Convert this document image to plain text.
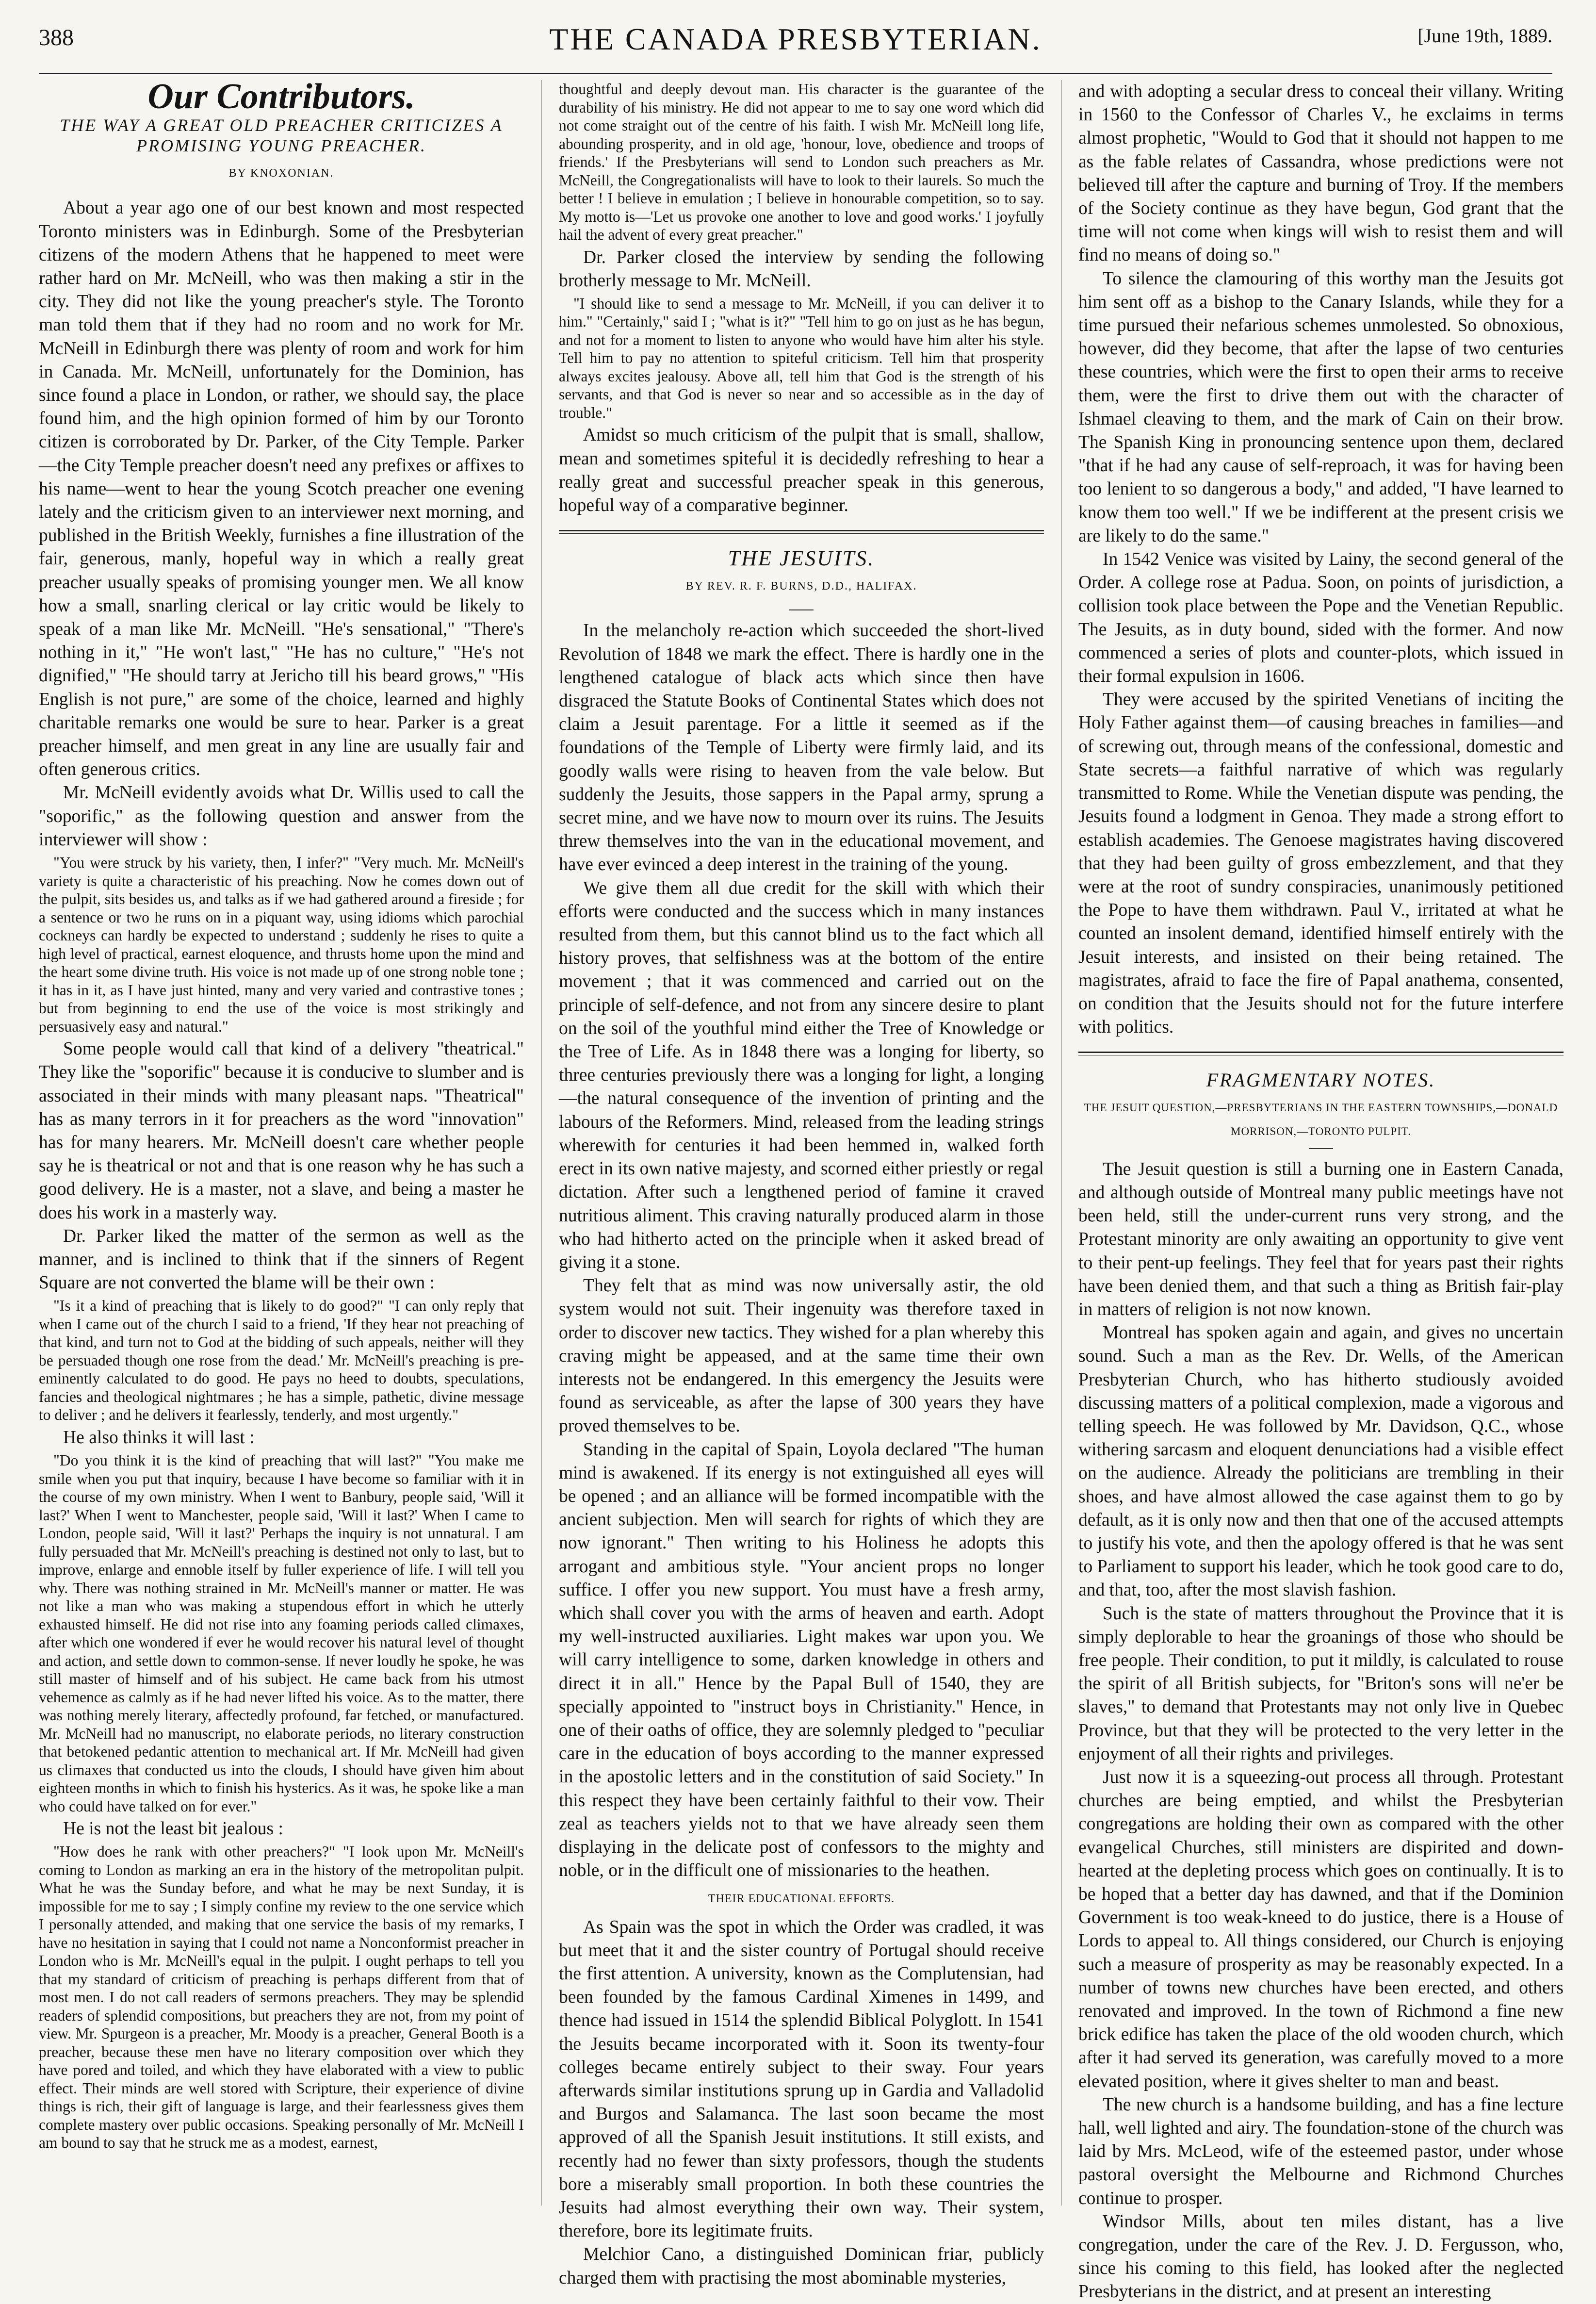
388	THE CANADA PRESBYTERIAN.	[June 19th, 1889.
Our Contributors.
THE WAY A GREAT OLD PREACHER CRITICIZES A PROMISING YOUNG PREACHER.
BY KNOXONIAN.

About a year ago one of our best known and most respected Toronto ministers was in Edinburgh. Some of the Presbyterian citizens of the modern Athens that he happened to meet were rather hard on Mr. McNeill, who was then making a stir in the city. They did not like the young preacher's style. The Toronto man told them that if they had no room and no work for Mr. McNeill in Edinburgh there was plenty of room and work for him in Canada. Mr. McNeill, unfortunately for the Dominion, has since found a place in London, or rather, we should say, the place found him, and the high opinion formed of him by our Toronto citizen is corroborated by Dr. Parker, of the City Temple. Parker—the City Temple preacher doesn't need any prefixes or affixes to his name—went to hear the young Scotch preacher one evening lately and the criticism given to an interviewer next morning, and published in the British Weekly, furnishes a fine illustration of the fair, generous, manly, hopeful way in which a really great preacher usually speaks of promising younger men. We all know how a small, snarling clerical or lay critic would be likely to speak of a man like Mr. McNeill. "He's sensational," "There's nothing in it," "He won't last," "He has no culture," "He's not dignified," "He should tarry at Jericho till his beard grows," "His English is not pure," are some of the choice, learned and highly charitable remarks one would be sure to hear. Parker is a great preacher himself, and men great in any line are usually fair and often generous critics.

Mr. McNeill evidently avoids what Dr. Willis used to call the "soporific," as the following question and answer from the interviewer will show :

"You were struck by his variety, then, I infer?" "Very much. Mr. McNeill's variety is quite a characteristic of his preaching. Now he comes down out of the pulpit, sits besides us, and talks as if we had gathered around a fireside ; for a sentence or two he runs on in a piquant way, using idioms which parochial cockneys can hardly be expected to understand ; suddenly he rises to quite a high level of practical, earnest eloquence, and thrusts home upon the mind and the heart some divine truth. His voice is not made up of one strong noble tone ; it has in it, as I have just hinted, many and very varied and contrastive tones ; but from beginning to end the use of the voice is most strikingly and persuasively easy and natural."

Some people would call that kind of a delivery "theatrical." They like the "soporific" because it is conducive to slumber and is associated in their minds with many pleasant naps. "Theatrical" has as many terrors in it for preachers as the word "innovation" has for many hearers. Mr. McNeill doesn't care whether people say he is theatrical or not and that is one reason why he has such a good delivery. He is a master, not a slave, and being a master he does his work in a masterly way.

Dr. Parker liked the matter of the sermon as well as the manner, and is inclined to think that if the sinners of Regent Square are not converted the blame will be their own :

"Is it a kind of preaching that is likely to do good?" "I can only reply that when I came out of the church I said to a friend, 'If they hear not preaching of that kind, and turn not to God at the bidding of such appeals, neither will they be persuaded though one rose from the dead.' Mr. McNeill's preaching is pre-eminently calculated to do good. He pays no heed to doubts, speculations, fancies and theological nightmares ; he has a simple, pathetic, divine message to deliver ; and he delivers it fearlessly, tenderly, and most urgently."

He also thinks it will last :

"Do you think it is the kind of preaching that will last?" "You make me smile when you put that inquiry, because I have become so familiar with it in the course of my own ministry. When I went to Banbury, people said, 'Will it last?' When I went to Manchester, people said, 'Will it last?' When I came to London, people said, 'Will it last?' Perhaps the inquiry is not unnatural. I am fully persuaded that Mr. McNeill's preaching is destined not only to last, but to improve, enlarge and ennoble itself by fuller experience of life. I will tell you why. There was nothing strained in Mr. McNeill's manner or matter. He was not like a man who was making a stupendous effort in which he utterly exhausted himself. He did not rise into any foaming periods called climaxes, after which one wondered if ever he would recover his natural level of thought and action, and settle down to common-sense. If never loudly he spoke, he was still master of himself and of his subject. He came back from his utmost vehemence as calmly as if he had never lifted his voice. As to the matter, there was nothing merely literary, affectedly profound, far fetched, or manufactured. Mr. McNeill had no manuscript, no elaborate periods, no literary construction that betokened pedantic attention to mechanical art. If Mr. McNeill had given us climaxes that conducted us into the clouds, I should have given him about eighteen months in which to finish his hysterics. As it was, he spoke like a man who could have talked on for ever."

He is not the least bit jealous :

"How does he rank with other preachers?" "I look upon Mr. McNeill's coming to London as marking an era in the history of the metropolitan pulpit. What he was the Sunday before, and what he may be next Sunday, it is impossible for me to say ; I simply confine my review to the one service which I personally attended, and making that one service the basis of my remarks, I have no hesitation in saying that I could not name a Nonconformist preacher in London who is Mr. McNeill's equal in the pulpit. I ought perhaps to tell you that my standard of criticism of preaching is perhaps different from that of most men. I do not call readers of sermons preachers. They may be splendid readers of splendid compositions, but preachers they are not, from my point of view. Mr. Spurgeon is a preacher, Mr. Moody is a preacher, General Booth is a preacher, because these men have no literary composition over which they have pored and toiled, and which they have elaborated with a view to public effect. Their minds are well stored with Scripture, their experience of divine things is rich, their gift of language is large, and their fearlessness gives them complete mastery over public occasions. Speaking personally of Mr. McNeill I am bound to say that he struck me as a modest, earnest,

thoughtful and deeply devout man. His character is the guarantee of the durability of his ministry. He did not appear to me to say one word which did not come straight out of the centre of his faith. I wish Mr. McNeill long life, abounding prosperity, and in old age, 'honour, love, obedience and troops of friends.' If the Presbyterians will send to London such preachers as Mr. McNeill, the Congregationalists will have to look to their laurels. So much the better ! I believe in emulation ; I believe in honourable competition, so to say. My motto is—'Let us provoke one another to love and good works.' I joyfully hail the advent of every great preacher."

Dr. Parker closed the interview by sending the following brotherly message to Mr. McNeill.

"I should like to send a message to Mr. McNeill, if you can deliver it to him." "Certainly," said I ; "what is it?" "Tell him to go on just as he has begun, and not for a moment to listen to anyone who would have him alter his style. Tell him to pay no attention to spiteful criticism. Tell him that prosperity always excites jealousy. Above all, tell him that God is the strength of his servants, and that God is never so near and so accessible as in the day of trouble."

Amidst so much criticism of the pulpit that is small, shallow, mean and sometimes spiteful it is decidedly refreshing to hear a really great and successful preacher speak in this generous, hopeful way of a comparative beginner.

THE JESUITS.
BY REV. R. F. BURNS, D.D., HALIFAX.

In the melancholy re-action which succeeded the short-lived Revolution of 1848 we mark the effect. There is hardly one in the lengthened catalogue of black acts which since then have disgraced the Statute Books of Continental States which does not claim a Jesuit parentage. For a little it seemed as if the foundations of the Temple of Liberty were firmly laid, and its goodly walls were rising to heaven from the vale below. But suddenly the Jesuits, those sappers in the Papal army, sprung a secret mine, and we have now to mourn over its ruins. The Jesuits threw themselves into the van in the educational movement, and have ever evinced a deep interest in the training of the young.

We give them all due credit for the skill with which their efforts were conducted and the success which in many instances resulted from them, but this cannot blind us to the fact which all history proves, that selfishness was at the bottom of the entire movement ; that it was commenced and carried out on the principle of self-defence, and not from any sincere desire to plant on the soil of the youthful mind either the Tree of Knowledge or the Tree of Life. As in 1848 there was a longing for liberty, so three centuries previously there was a longing for light, a longing—the natural consequence of the invention of printing and the labours of the Reformers. Mind, released from the leading strings wherewith for centuries it had been hemmed in, walked forth erect in its own native majesty, and scorned either priestly or regal dictation. After such a lengthened period of famine it craved nutritious aliment. This craving naturally produced alarm in those who had hitherto acted on the principle when it asked bread of giving it a stone.

They felt that as mind was now universally astir, the old system would not suit. Their ingenuity was therefore taxed in order to discover new tactics. They wished for a plan whereby this craving might be appeased, and at the same time their own interests not be endangered. In this emergency the Jesuits were found as serviceable, as after the lapse of 300 years they have proved themselves to be.

Standing in the capital of Spain, Loyola declared "The human mind is awakened. If its energy is not extinguished all eyes will be opened ; and an alliance will be formed incompatible with the ancient subjection. Men will search for rights of which they are now ignorant." Then writing to his Holiness he adopts this arrogant and ambitious style. "Your ancient props no longer suffice. I offer you new support. You must have a fresh army, which shall cover you with the arms of heaven and earth. Adopt my well-instructed auxiliaries. Light makes war upon you. We will carry intelligence to some, darken knowledge in others and direct it in all." Hence by the Papal Bull of 1540, they are specially appointed to "instruct boys in Christianity." Hence, in one of their oaths of office, they are solemnly pledged to "peculiar care in the education of boys according to the manner expressed in the apostolic letters and in the constitution of said Society." In this respect they have been certainly faithful to their vow. Their zeal as teachers yields not to that we have already seen them displaying in the delicate post of confessors to the mighty and noble, or in the difficult one of missionaries to the heathen.

THEIR EDUCATIONAL EFFORTS.

As Spain was the spot in which the Order was cradled, it was but meet that it and the sister country of Portugal should receive the first attention. A university, known as the Complutensian, had been founded by the famous Cardinal Ximenes in 1499, and thence had issued in 1514 the splendid Biblical Polyglott. In 1541 the Jesuits became incorporated with it. Soon its twenty-four colleges became entirely subject to their sway. Four years afterwards similar institutions sprung up in Gardia and Valladolid and Burgos and Salamanca. The last soon became the most approved of all the Spanish Jesuit institutions. It still exists, and recently had no fewer than sixty professors, though the students bore a miserably small proportion. In both these countries the Jesuits had almost everything their own way. Their system, therefore, bore its legitimate fruits.

Melchior Cano, a distinguished Dominican friar, publicly charged them with practising the most abominable mysteries,

and with adopting a secular dress to conceal their villany. Writing in 1560 to the Confessor of Charles V., he exclaims in terms almost prophetic, "Would to God that it should not happen to me as the fable relates of Cassandra, whose predictions were not believed till after the capture and burning of Troy. If the members of the Society continue as they have begun, God grant that the time will not come when kings will wish to resist them and will find no means of doing so."

To silence the clamouring of this worthy man the Jesuits got him sent off as a bishop to the Canary Islands, while they for a time pursued their nefarious schemes unmolested. So obnoxious, however, did they become, that after the lapse of two centuries these countries, which were the first to open their arms to receive them, were the first to drive them out with the character of Ishmael cleaving to them, and the mark of Cain on their brow. The Spanish King in pronouncing sentence upon them, declared "that if he had any cause of self-reproach, it was for having been too lenient to so dangerous a body," and added, "I have learned to know them too well." If we be indifferent at the present crisis we are likely to do the same."

In 1542 Venice was visited by Lainy, the second general of the Order. A college rose at Padua. Soon, on points of jurisdiction, a collision took place between the Pope and the Venetian Republic. The Jesuits, as in duty bound, sided with the former. And now commenced a series of plots and counter-plots, which issued in their formal expulsion in 1606.

They were accused by the spirited Venetians of inciting the Holy Father against them—of causing breaches in families—and of screwing out, through means of the confessional, domestic and State secrets—a faithful narrative of which was regularly transmitted to Rome. While the Venetian dispute was pending, the Jesuits found a lodgment in Genoa. They made a strong effort to establish academies. The Genoese magistrates having discovered that they had been guilty of gross embezzlement, and that they were at the root of sundry conspiracies, unanimously petitioned the Pope to have them withdrawn. Paul V., irritated at what he counted an insolent demand, identified himself entirely with the Jesuit interests, and insisted on their being retained. The magistrates, afraid to face the fire of Papal anathema, consented, on condition that the Jesuits should not for the future interfere with politics.

FRAGMENTARY NOTES.
THE JESUIT QUESTION,—PRESBYTERIANS IN THE EASTERN TOWNSHIPS,—DONALD MORRISON,—TORONTO PULPIT.

The Jesuit question is still a burning one in Eastern Canada, and although outside of Montreal many public meetings have not been held, still the under-current runs very strong, and the Protestant minority are only awaiting an opportunity to give vent to their pent-up feelings. They feel that for years past their rights have been denied them, and that such a thing as British fair-play in matters of religion is not now known.

Montreal has spoken again and again, and gives no uncertain sound. Such a man as the Rev. Dr. Wells, of the American Presbyterian Church, who has hitherto studiously avoided discussing matters of a political complexion, made a vigorous and telling speech. He was followed by Mr. Davidson, Q.C., whose withering sarcasm and eloquent denunciations had a visible effect on the audience. Already the politicians are trembling in their shoes, and have almost allowed the case against them to go by default, as it is only now and then that one of the accused attempts to justify his vote, and then the apology offered is that he was sent to Parliament to support his leader, which he took good care to do, and that, too, after the most slavish fashion.

Such is the state of matters throughout the Province that it is simply deplorable to hear the groanings of those who should be free people. Their condition, to put it mildly, is calculated to rouse the spirit of all British subjects, for "Briton's sons will ne'er be slaves," to demand that Protestants may not only live in Quebec Province, but that they will be protected to the very letter in the enjoyment of all their rights and privileges.

Just now it is a squeezing-out process all through. Protestant churches are being emptied, and whilst the Presbyterian congregations are holding their own as compared with the other evangelical Churches, still ministers are dispirited and down-hearted at the depleting process which goes on continually. It is to be hoped that a better day has dawned, and that if the Dominion Government is too weak-kneed to do justice, there is a House of Lords to appeal to. All things considered, our Church is enjoying such a measure of prosperity as may be reasonably expected. In a number of towns new churches have been erected, and others renovated and improved. In the town of Richmond a fine new brick edifice has taken the place of the old wooden church, which after it had served its generation, was carefully moved to a more elevated position, where it gives shelter to man and beast.

The new church is a handsome building, and has a fine lecture hall, well lighted and airy. The foundation-stone of the church was laid by Mrs. McLeod, wife of the esteemed pastor, under whose pastoral oversight the Melbourne and Richmond Churches continue to prosper.

Windsor Mills, about ten miles distant, has a live congregation, under the care of the Rev. J. D. Fergusson, who, since his coming to this field, has looked after the neglected Presbyterians in the district, and at present an interesting
